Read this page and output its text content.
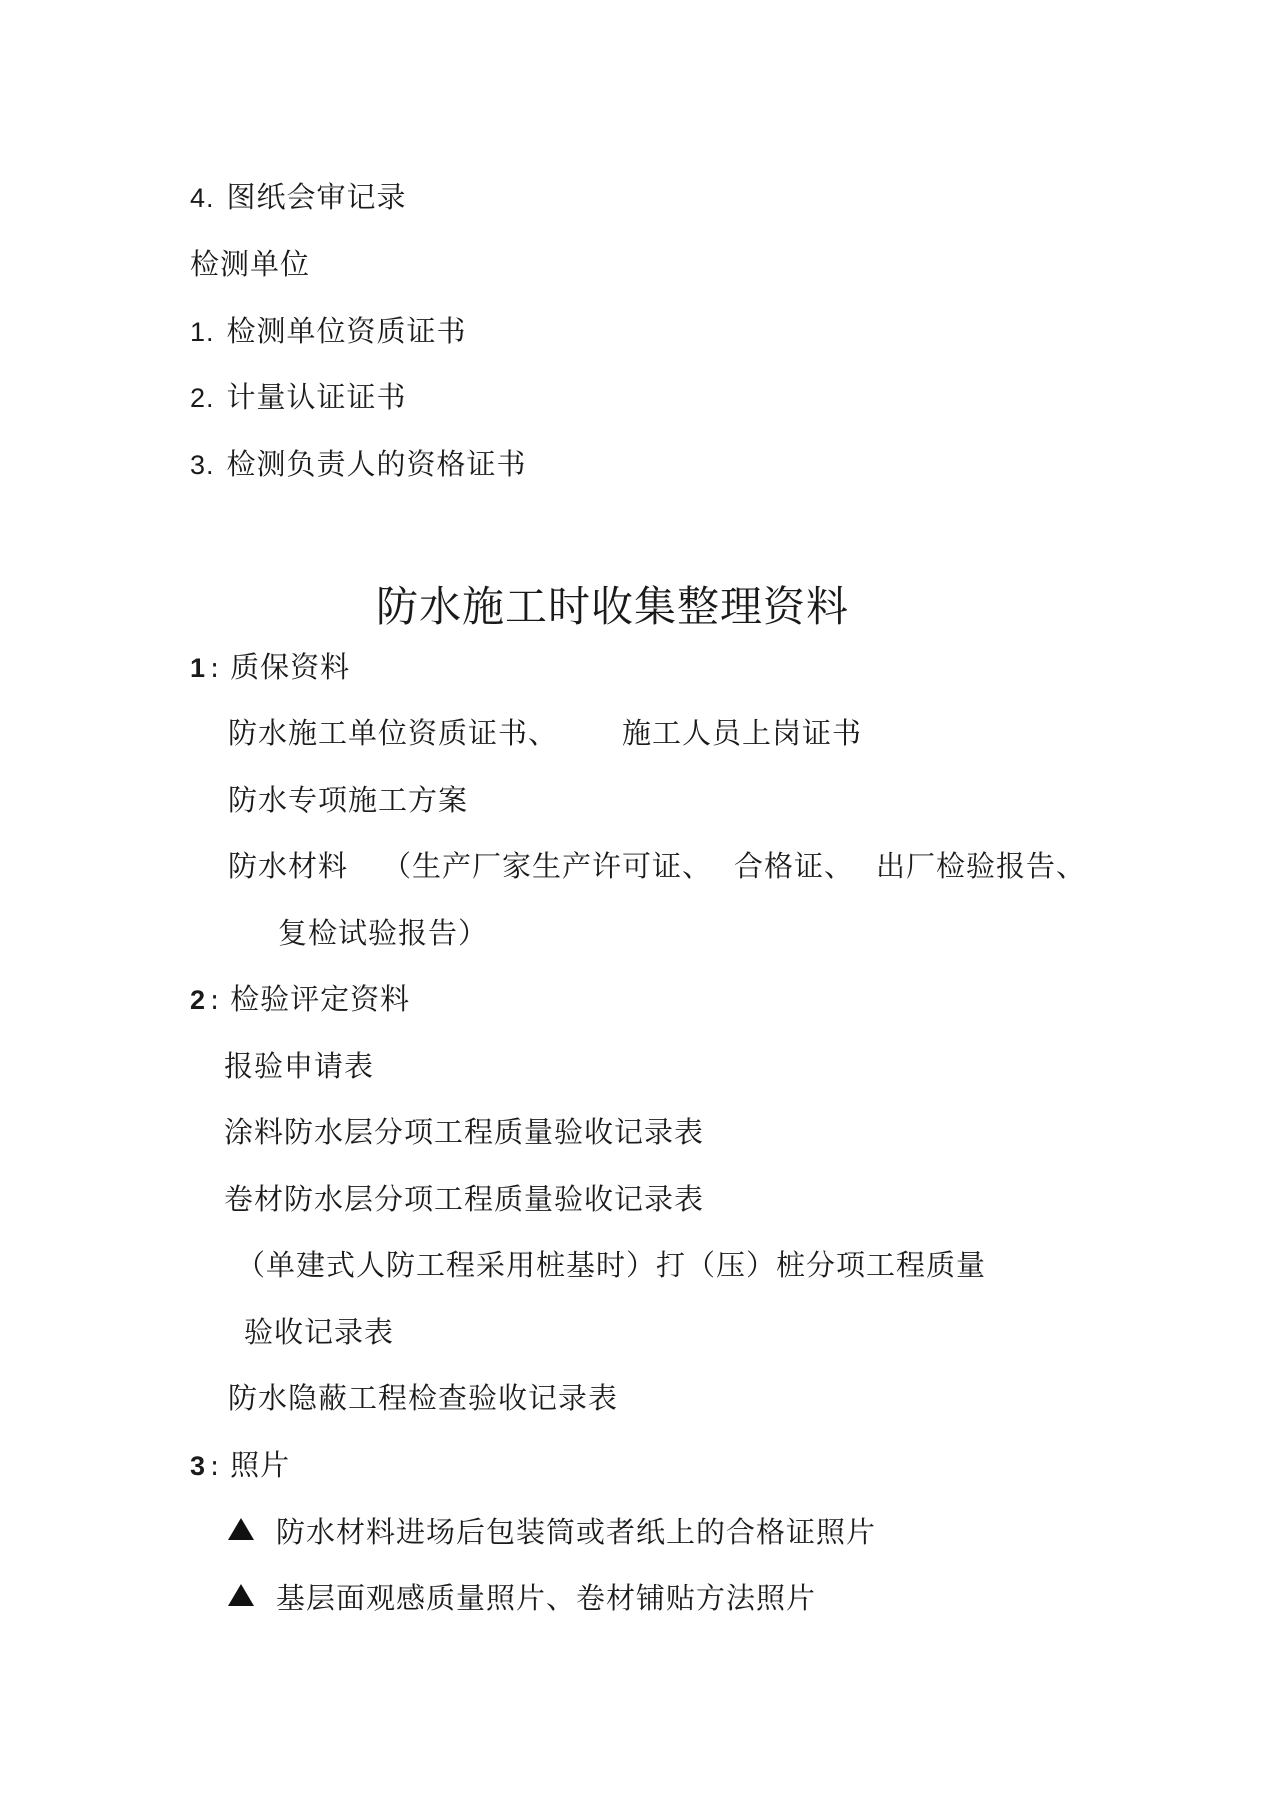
4. 图纸会审记录
检测单位
1. 检测单位资质证书
2. 计量认证证书
3. 检测负责人的资格证书
防水施工时收集整理资料
1 : 质保资料
防水施工单位资质证书、 施工人员上岗证书
防水专项施工方案
防水材料 （生产厂家生产许可证、 合格证、 出厂检验报告、
复检试验报告）
2 : 检验评定资料
报验申请表
涂料防水层分项工程质量验收记录表
卷材防水层分项工程质量验收记录表
（单建式人防工程采用桩基时）打（压）桩分项工程质量
验收记录表
防水隐蔽工程检查验收记录表
3 : 照片
防水材料进场后包装筒或者纸上的合格证照片
基层面观感质量照片、卷材铺贴方法照片
